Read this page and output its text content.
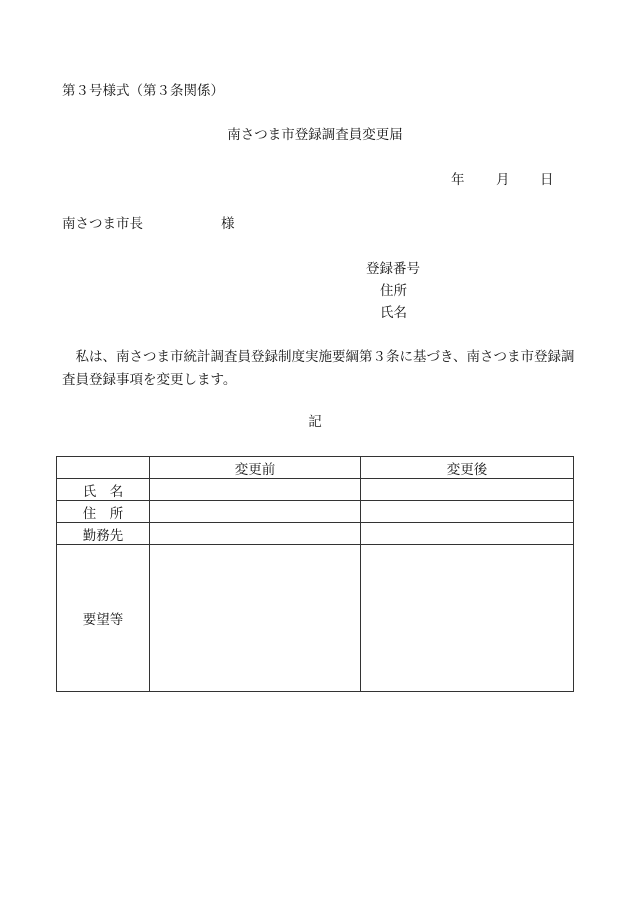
第３号様式（第３条関係）
南さつま市登録調査員変更届
年 月 日
南さつま市長	様
登録番号
住所
氏名
私は、南さつま市統計調査員登録制度実施要綱第３条に基づき、南さつま市登録調査員登録事項を変更します。
記
	変更前	変更後
氏　名		
住　所		
勤務先		
要望等		
